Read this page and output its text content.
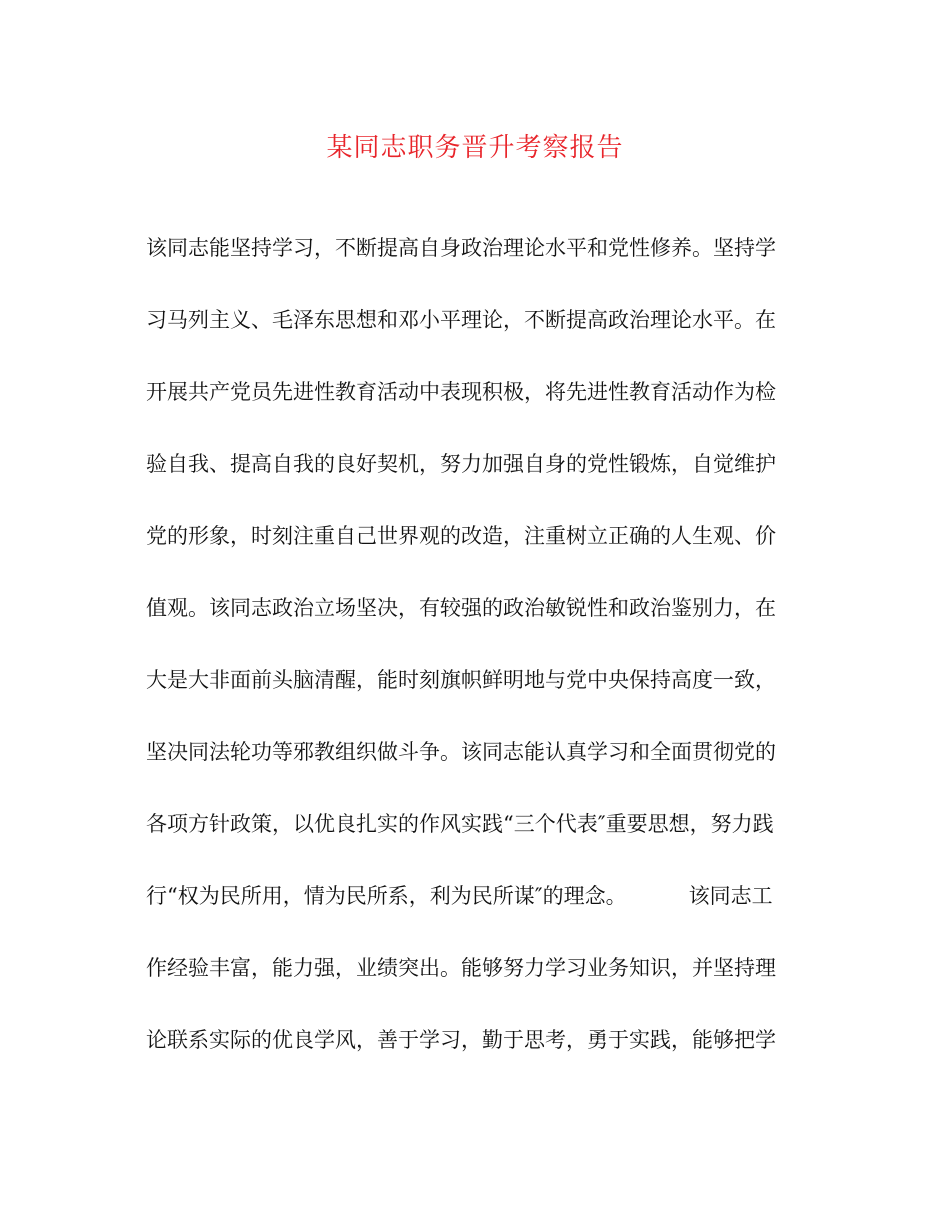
某同志职务晋升考察报告
该同志能坚持学习，不断提高自身政治理论水平和党性修养。坚持学
习马列主义、毛泽东思想和邓小平理论，不断提高政治理论水平。在
开展共产党员先进性教育活动中表现积极，将先进性教育活动作为检
验自我、提高自我的良好契机，努力加强自身的党性锻炼，自觉维护
党的形象，时刻注重自己世界观的改造，注重树立正确的人生观、价
值观。该同志政治立场坚决，有较强的政治敏锐性和政治鉴别力，在
大是大非面前头脑清醒，能时刻旗帜鲜明地与党中央保持高度一致，
坚决同法轮功等邪教组织做斗争。该同志能认真学习和全面贯彻党的
各项方针政策，以优良扎实的作风实践“三个代表″重要思想，努力践
行“权为民所用，情为民所系，利为民所谋″的理念。	该同志工
作经验丰富，能力强，业绩突出。能够努力学习业务知识，并坚持理
论联系实际的优良学风，善于学习，勤于思考，勇于实践，能够把学
